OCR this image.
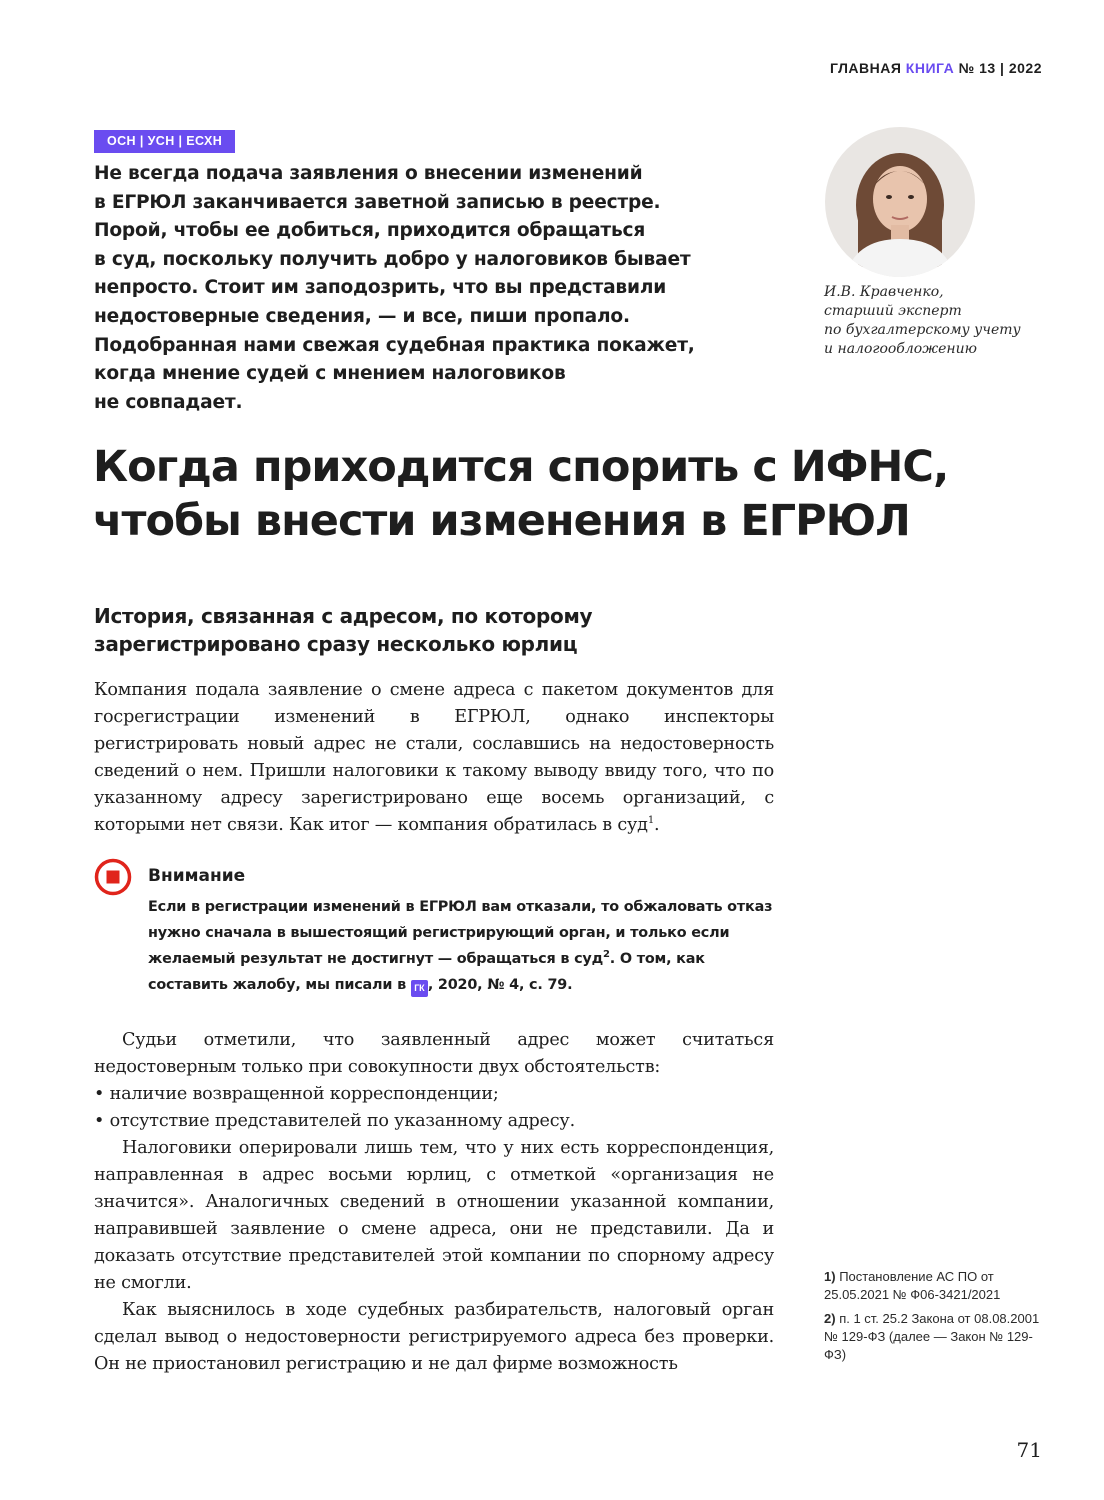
ГЛАВНАЯ КНИГА № 13 | 2022
ОСН | УСН | ЕСХН
Не всегда подача заявления о внесении изменений
в ЕГРЮЛ заканчивается заветной записью в реестре.
Порой, чтобы ее добиться, приходится обращаться
в суд, поскольку получить добро у налоговиков бывает
непросто. Стоит им заподозрить, что вы представили
недостоверные сведения, — и все, пиши пропало.
Подобранная нами свежая судебная практика покажет,
когда мнение судей с мнением налоговиков
не совпадает.
И.В. Кравченко,
старший эксперт
по бухгалтерскому учету
и налогообложению
Когда приходится спорить с ИФНС,
чтобы внести изменения в ЕГРЮЛ
История, связанная с адресом, по которому
зарегистрировано сразу несколько юрлиц

Компания подала заявление о смене адреса с пакетом документов для госрегистрации изменений в ЕГРЮЛ, однако инспекторы регистрировать новый адрес не стали, сославшись на недостоверность сведений о нем. Пришли налоговики к такому выводу ввиду того, что по указанному адресу зарегистрировано еще восемь организаций, с которыми нет связи. Как итог — компания обратилась в суд$^1$.

Внимание
Если в регистрации изменений в ЕГРЮЛ вам отказали, то обжаловать отказ нужно сначала в вышестоящий регистрирующий орган, и только если желаемый результат не достигнут — обращаться в суд$^2$. О том, как составить жалобу, мы писали в ГК , 2020, № 4, с. 79.

Судьи отметили, что заявленный адрес может считаться недостоверным только при совокупности двух обстоятельств:

• наличие возвращенной корреспонденции;
• отсутствие представителей по указанному адресу.

Налоговики оперировали лишь тем, что у них есть корреспонденция, направленная в адрес восьми юрлиц, с отметкой «организация не значится». Аналогичных сведений в отношении указанной компании, направившей заявление о смене адреса, они не представили. Да и доказать отсутствие представителей этой компании по спорному адресу не смогли.

Как выяснилось в ходе судебных разбирательств, налоговый орган сделал вывод о недостоверности регистрируемого адреса без проверки. Он не приостановил регистрацию и не дал фирме возможность

1) Постановление АС ПО от 25.05.2021 № Ф06-3421/2021
2) п. 1 ст. 25.2 Закона от 08.08.2001 № 129-ФЗ (далее — Закон № 129-ФЗ)
71
